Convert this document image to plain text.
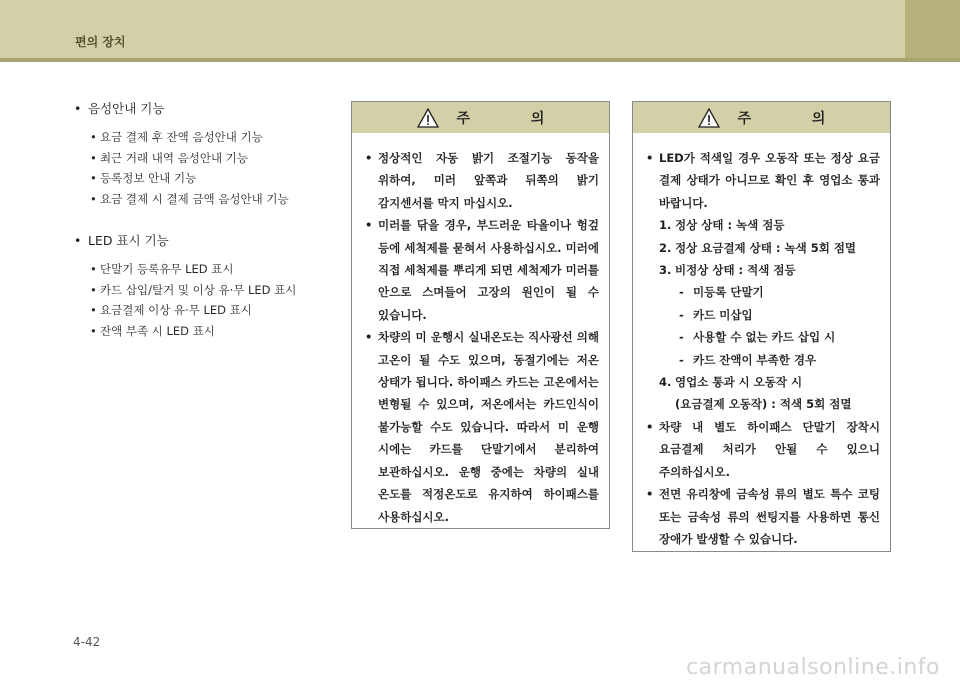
편의 장치
• 음성안내 기능
• 요금 결제 후 잔액 음성안내 기능
• 최근 거래 내역 음성안내 기능
• 등록정보 안내 기능
• 요금 결제 시 결제 금액 음성안내 기능
• LED 표시 기능
• 단말기 등록유무 LED 표시
• 카드 삽입/탈거 및 이상 유·무 LED 표시
• 요금결제 이상 유·무 LED 표시
• 잔액 부족 시 LED 표시
주 의
• 정상적인 자동 밝기 조절기능 동작을 위하여, 미러 앞쪽과 뒤쪽의 밝기 감지센서를 막지 마십시오.
• 미러를 닦을 경우, 부드러운 타올이나 헝겊 등에 세척제를 묻혀서 사용하십시오. 미러에 직접 세척제를 뿌리게 되면 세척제가 미러틀 안으로 스며들어 고장의 원인이 될 수 있습니다.
• 차량의 미 운행시 실내온도는 직사광선 의해 고온이 될 수도 있으며, 동절기에는 저온 상태가 됩니다. 하이패스 카드는 고온에서는 변형될 수 있으며, 저온에서는 카드인식이 불가능할 수도 있습니다. 따라서 미 운행 시에는 카드를 단말기에서 분리하여 보관하십시오. 운행 중에는 차량의 실내 온도를 적정온도로 유지하여 하이패스를 사용하십시오.
주 의
• LED가 적색일 경우 오동작 또는 정상 요금 결제 상태가 아니므로 확인 후 영업소 통과 바랍니다.
1. 정상 상태 : 녹색 점등
2. 정상 요금결제 상태 : 녹색 5회 점멸
3. 비정상 상태 : 적색 점등
- 미등록 단말기
- 카드 미삽입
- 사용할 수 없는 카드 삽입 시
- 카드 잔액이 부족한 경우
4. 영업소 통과 시 오동작 시
(요금결제 오동작) : 적색 5회 점멸
• 차량 내 별도 하이패스 단말기 장착시 요금결제 처리가 안될 수 있으니 주의하십시오.
• 전면 유리창에 금속성 류의 별도 특수 코팅 또는 금속성 류의 썬팅지를 사용하면 통신 장애가 발생할 수 있습니다.
4-42
carmanualsonline.info
